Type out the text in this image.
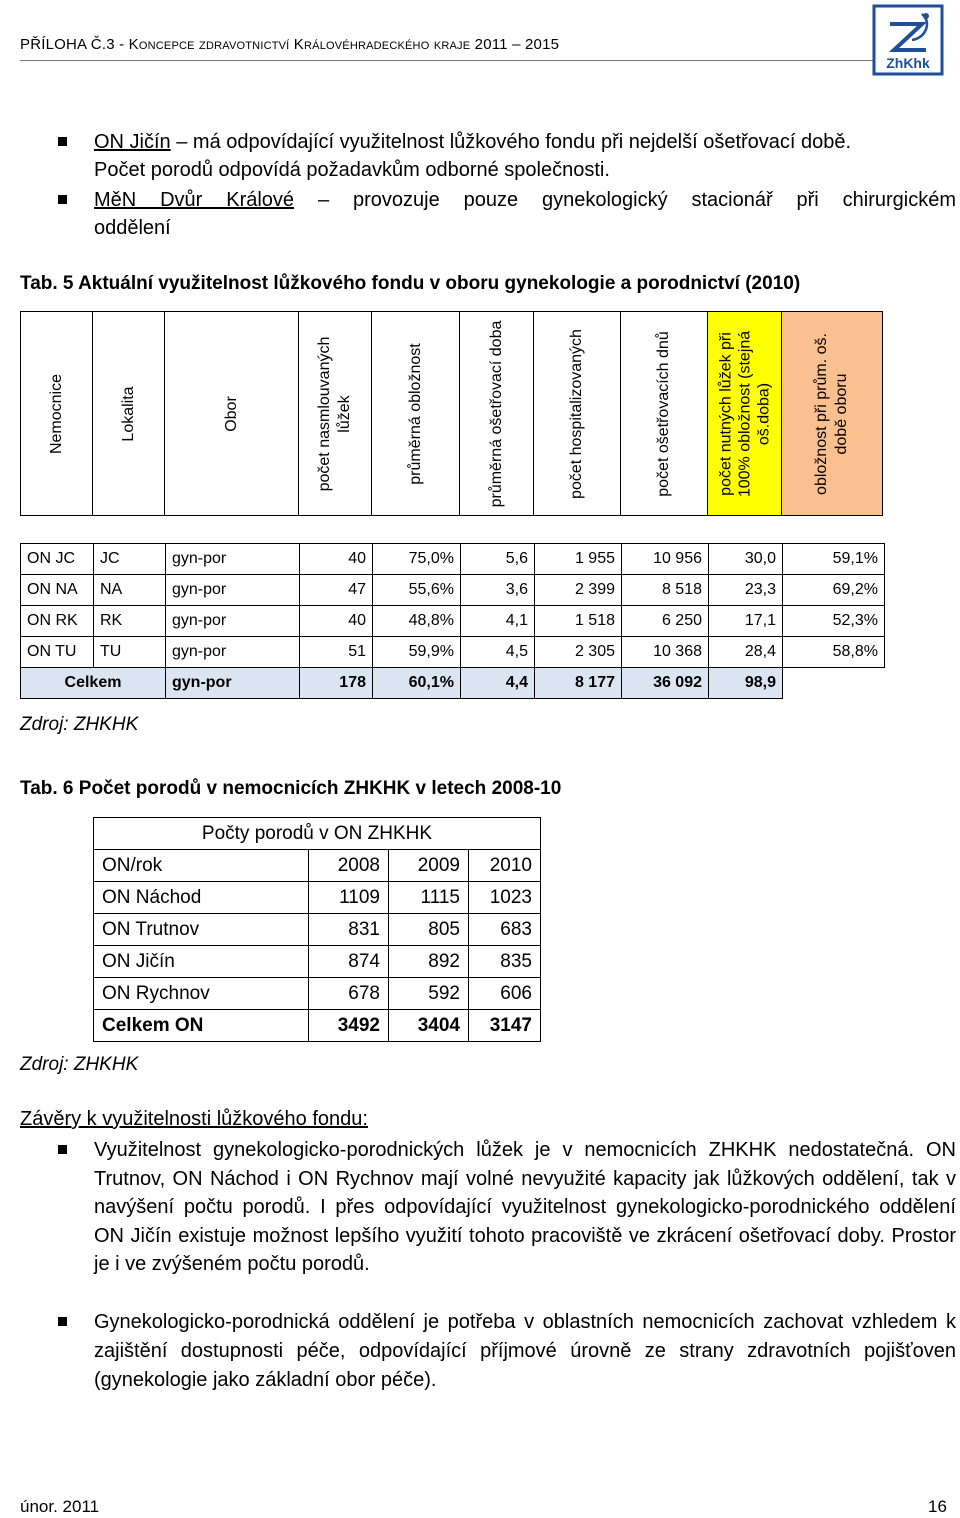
PŘÍLOHA Č.3 - Koncepce zdravotnictví Královéhradeckého kraje 2011 – 2015
ZhKhk
ON Jičín – má odpovídající využitelnost lůžkového fondu při nejdelší ošetřovací době.
Počet porodů odpovídá požadavkům odborné společnosti.
MěN Dvůr Králové – provozuje pouze gynekologický stacionář při chirurgickém
oddělení
Tab. 5 Aktuální využitelnost lůžkového fondu v oboru gynekologie a porodnictví (2010)
Nemocnice	Lokalita	Obor	počet nasmlouvaných lůžek	průměrná obložnost	průměrná ošetřovací doba	počet hospitalizovaných	počet ošetřovacích dnů	počet nutných lůžek při 100% obložnost (stejná oš.doba)	obložnost při prům. oš. době oboru
ON JC	JC	gyn-por	40	75,0%	5,6	1 955	10 956	30,0	59,1%
ON NA	NA	gyn-por	47	55,6%	3,6	2 399	8 518	23,3	69,2%
ON RK	RK	gyn-por	40	48,8%	4,1	1 518	6 250	17,1	52,3%
ON TU	TU	gyn-por	51	59,9%	4,5	2 305	10 368	28,4	58,8%
Celkem		gyn-por	178	60,1%	4,4	8 177	36 092	98,9	
Zdroj: ZHKHK
Tab. 6 Počet porodů v nemocnicích ZHKHK v letech 2008-10
Počty porodů v ON ZHKHK			
ON/rok	2008	2009	2010
ON Náchod	1109	1115	1023
ON Trutnov	831	805	683
ON Jičín	874	892	835
ON Rychnov	678	592	606
Celkem ON	3492	3404	3147
Zdroj: ZHKHK
Závěry k využitelnosti lůžkového fondu:
Využitelnost gynekologicko-porodnických lůžek je v nemocnicích ZHKHK nedostatečná. ON Trutnov, ON Náchod i ON Rychnov mají volné nevyužité kapacity jak lůžkových oddělení, tak v navýšení počtu porodů. I přes odpovídající využitelnost gynekologicko-porodnického oddělení ON Jičín existuje možnost lepšího využití tohoto pracoviště ve zkrácení ošetřovací doby. Prostor je i ve zvýšeném počtu porodů.
Gynekologicko-porodnická oddělení je potřeba v oblastních nemocnicích zachovat vzhledem k zajištění dostupnosti péče, odpovídající příjmové úrovně ze strany zdravotních pojišťoven (gynekologie jako základní obor péče).
únor. 2011	16
